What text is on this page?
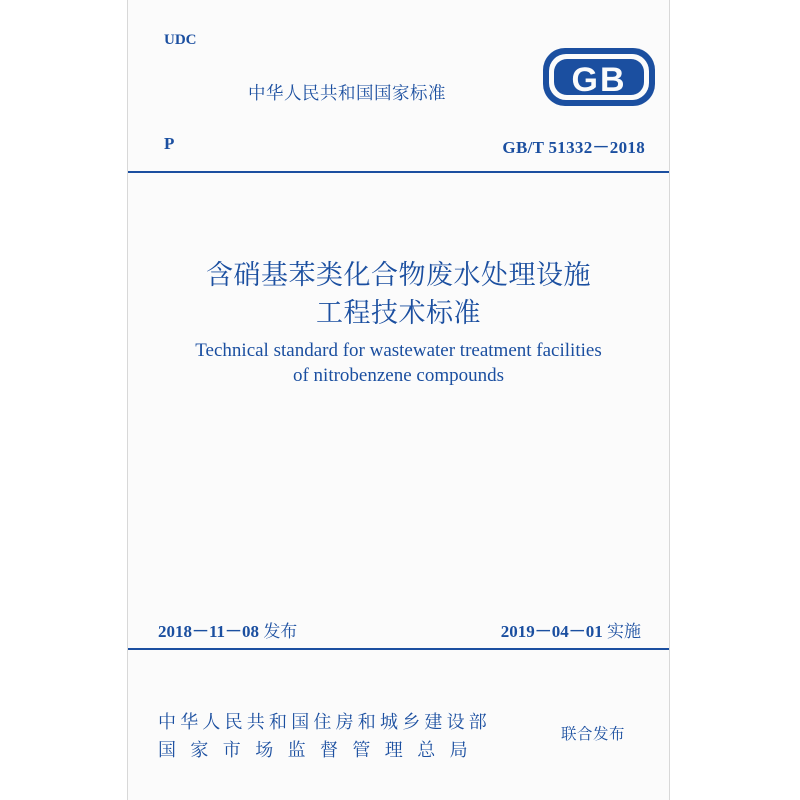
UDC
中华人民共和国国家标准	GB
P	GB/T 51332－2018
含硝基苯类化合物废水处理设施
工程技术标准
Technical standard for wastewater treatment facilities
of nitrobenzene compounds
2018－11－08 发布	2019－04－01 实施
中华人民共和国住房和城乡建设部
国家市场监督管理总局
联合发布
